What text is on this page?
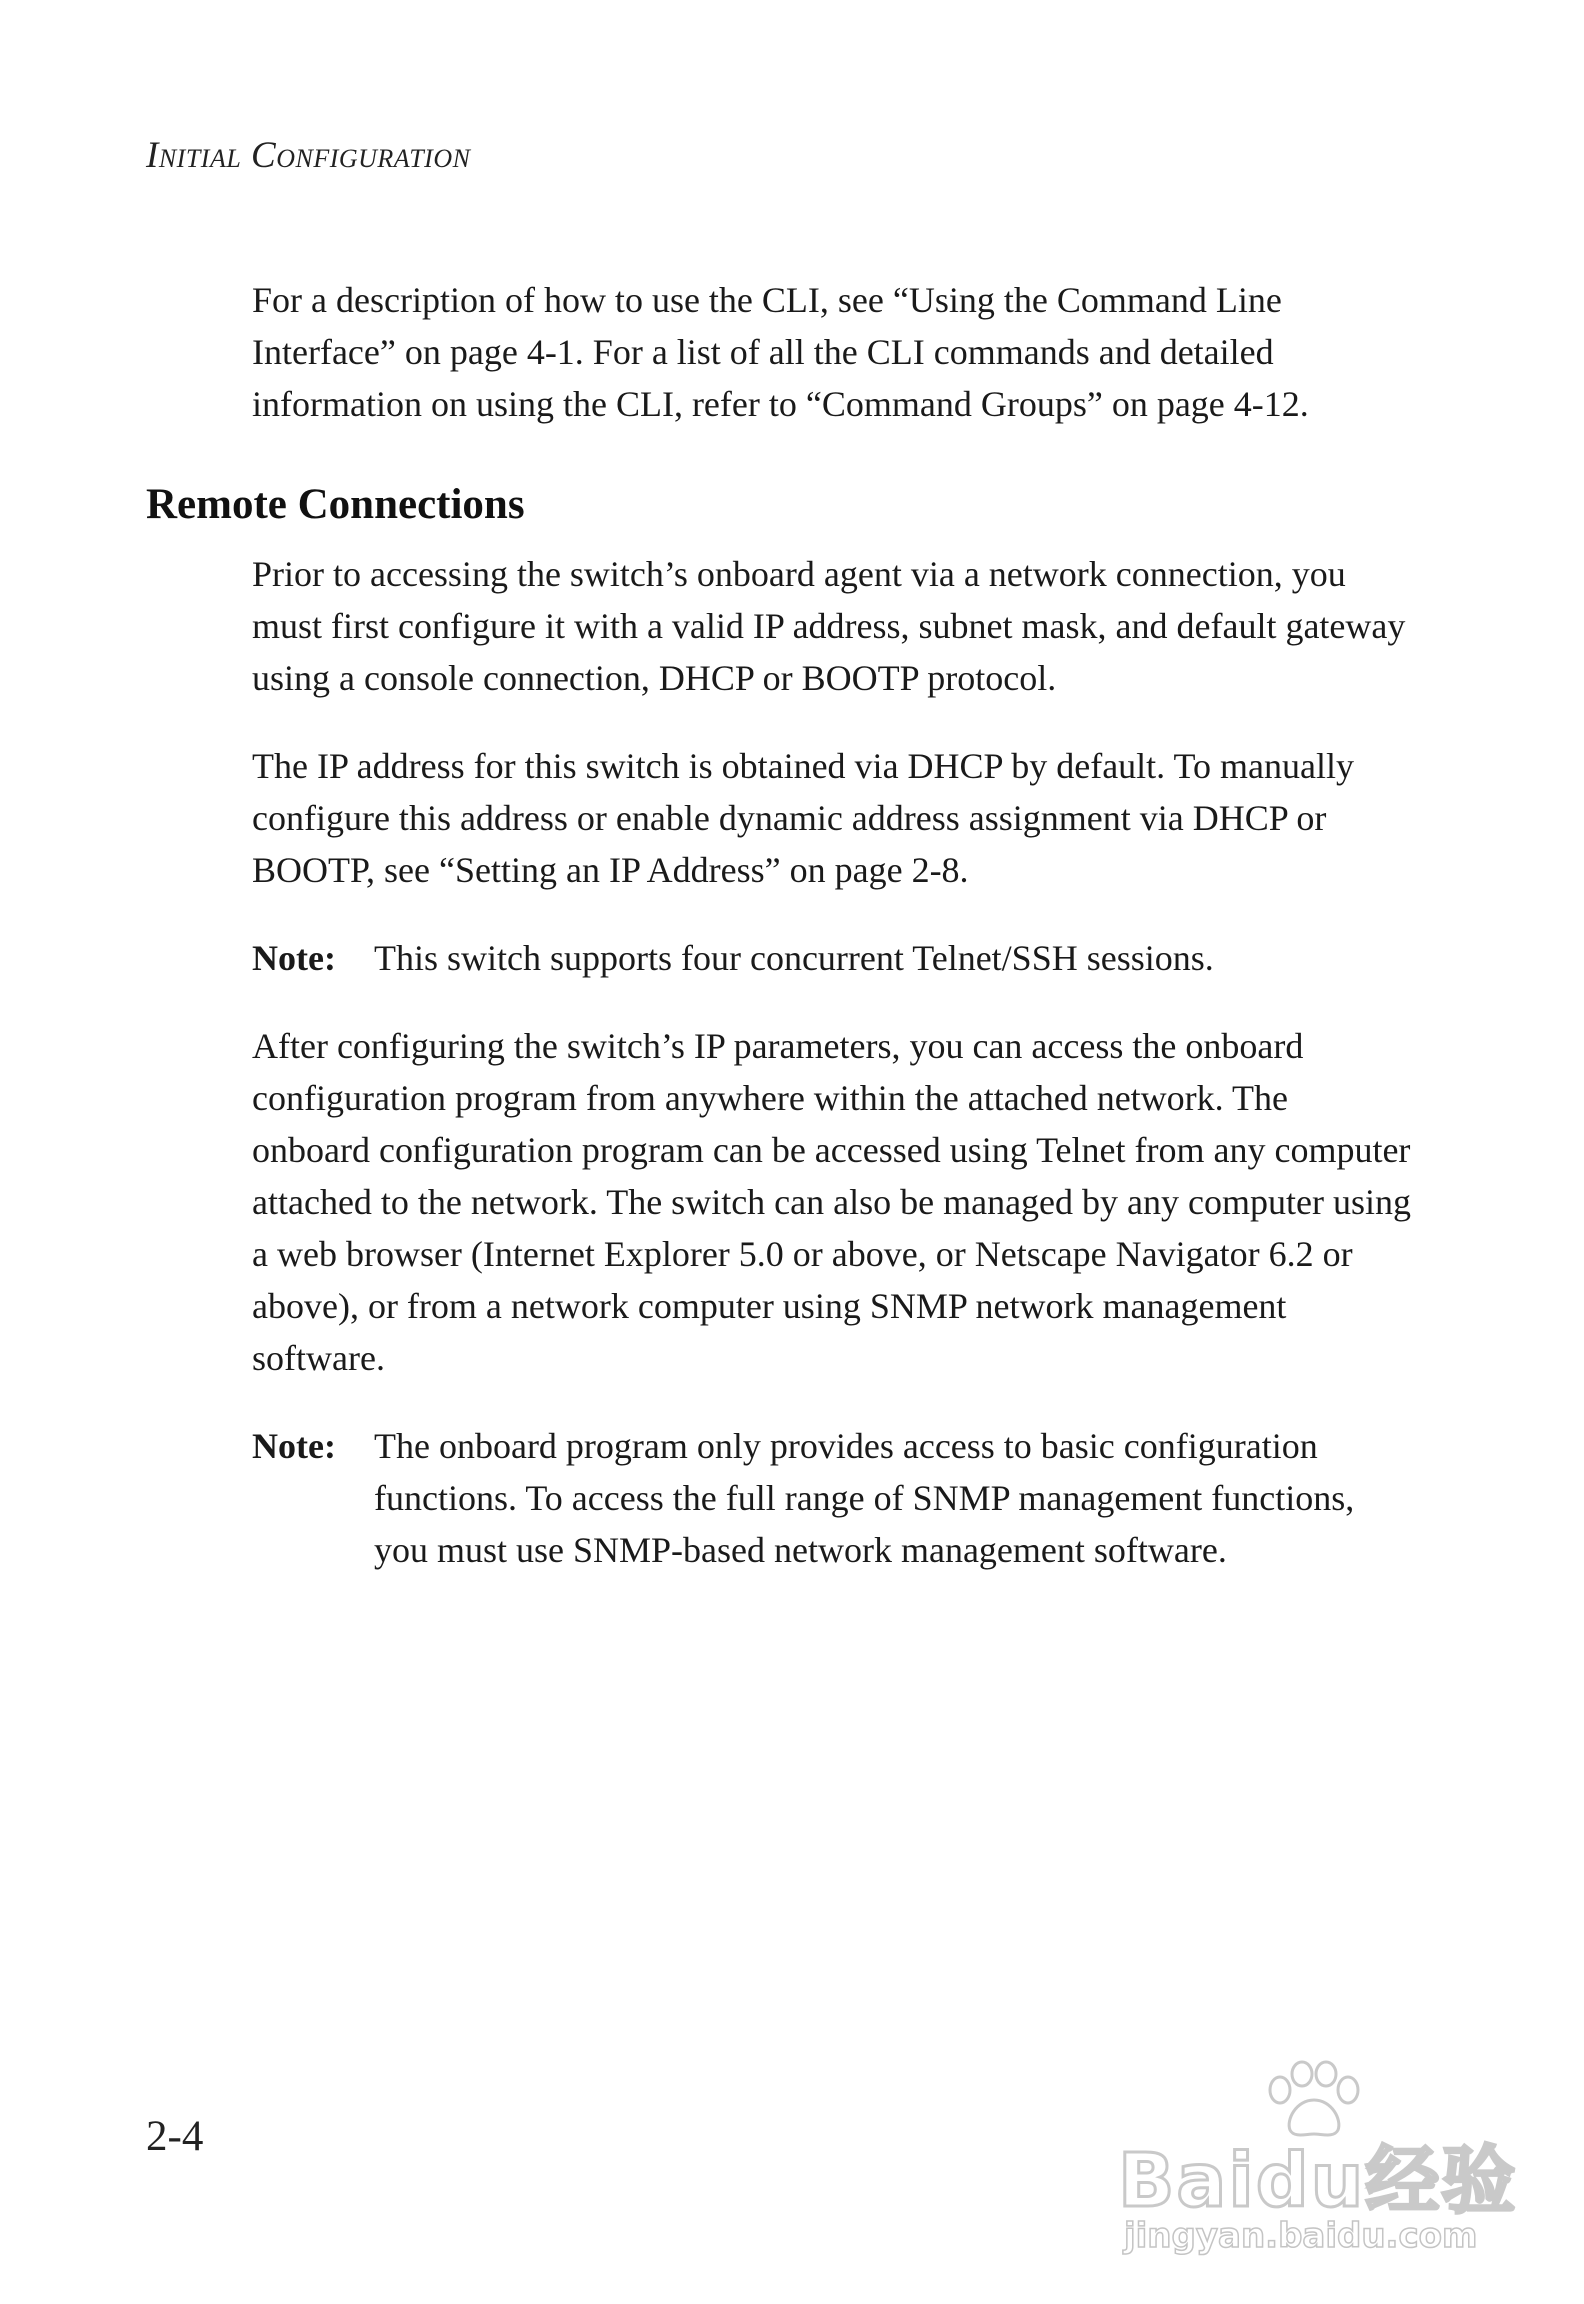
Initial Configuration

For a description of how to use the CLI, see “Using the Command Line Interface” on page 4-1. For a list of all the CLI commands and detailed information on using the CLI, refer to “Command Groups” on page 4-12.

Remote Connections

Prior to accessing the switch’s onboard agent via a network connection, you must first configure it with a valid IP address, subnet mask, and default gateway using a console connection, DHCP or BOOTP protocol.

The IP address for this switch is obtained via DHCP by default. To manually configure this address or enable dynamic address assignment via DHCP or BOOTP, see “Setting an IP Address” on page 2-8.

Note:	This switch supports four concurrent Telnet/SSH sessions.

After configuring the switch’s IP parameters, you can access the onboard configuration program from anywhere within the attached network. The onboard configuration program can be accessed using Telnet from any computer attached to the network. The switch can also be managed by any computer using a web browser (Internet Explorer 5.0 or above, or Netscape Navigator 6.2 or above), or from a network computer using SNMP network management software.

Note:	The onboard program only provides access to basic configuration functions. To access the full range of SNMP management functions, you must use SNMP-based network management software.
2-4
Baidu经验
jingyan.baidu.com
